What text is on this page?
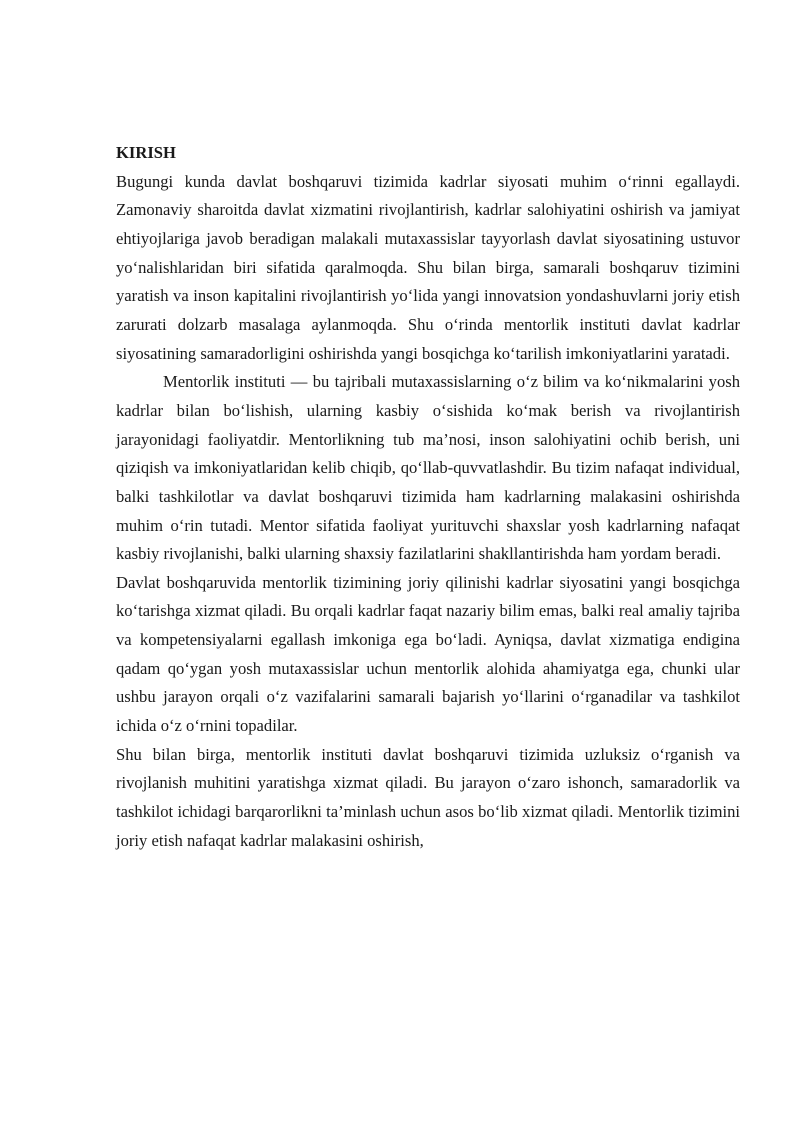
KIRISH

Bugungi kunda davlat boshqaruvi tizimida kadrlar siyosati muhim o‘rinni egallaydi. Zamonaviy sharoitda davlat xizmatini rivojlantirish, kadrlar salohiyatini oshirish va jamiyat ehtiyojlariga javob beradigan malakali mutaxassislar tayyorlash davlat siyosatining ustuvor yo‘nalishlaridan biri sifatida qaralmoqda. Shu bilan birga, samarali boshqaruv tizimini yaratish va inson kapitalini rivojlantirish yo‘lida yangi innovatsion yondashuvlarni joriy etish zarurati dolzarb masalaga aylanmoqda. Shu o‘rinda mentorlik instituti davlat kadrlar siyosatining samaradorligini oshirishda yangi bosqichga ko‘tarilish imkoniyatlarini yaratadi.

Mentorlik instituti — bu tajribali mutaxassislarning o‘z bilim va ko‘nikmalarini yosh kadrlar bilan bo‘lishish, ularning kasbiy o‘sishida ko‘mak berish va rivojlantirish jarayonidagi faoliyatdir. Mentorlikning tub ma’nosi, inson salohiyatini ochib berish, uni qiziqish va imkoniyatlaridan kelib chiqib, qo‘llab-quvvatlashdir. Bu tizim nafaqat individual, balki tashkilotlar va davlat boshqaruvi tizimida ham kadrlarning malakasini oshirishda muhim o‘rin tutadi. Mentor sifatida faoliyat yurituvchi shaxslar yosh kadrlarning nafaqat kasbiy rivojlanishi, balki ularning shaxsiy fazilatlarini shakllantirishda ham yordam beradi.

Davlat boshqaruvida mentorlik tizimining joriy qilinishi kadrlar siyosatini yangi bosqichga ko‘tarishga xizmat qiladi. Bu orqali kadrlar faqat nazariy bilim emas, balki real amaliy tajriba va kompetensiyalarni egallash imkoniga ega bo‘ladi. Ayniqsa, davlat xizmatiga endigina qadam qo‘ygan yosh mutaxassislar uchun mentorlik alohida ahamiyatga ega, chunki ular ushbu jarayon orqali o‘z vazifalarini samarali bajarish yo‘llarini o‘rganadilar va tashkilot ichida o‘z o‘rnini topadilar.

Shu bilan birga, mentorlik instituti davlat boshqaruvi tizimida uzluksiz o‘rganish va rivojlanish muhitini yaratishga xizmat qiladi. Bu jarayon o‘zaro ishonch, samaradorlik va tashkilot ichidagi barqarorlikni ta’minlash uchun asos bo‘lib xizmat qiladi. Mentorlik tizimini joriy etish nafaqat kadrlar malakasini oshirish,
